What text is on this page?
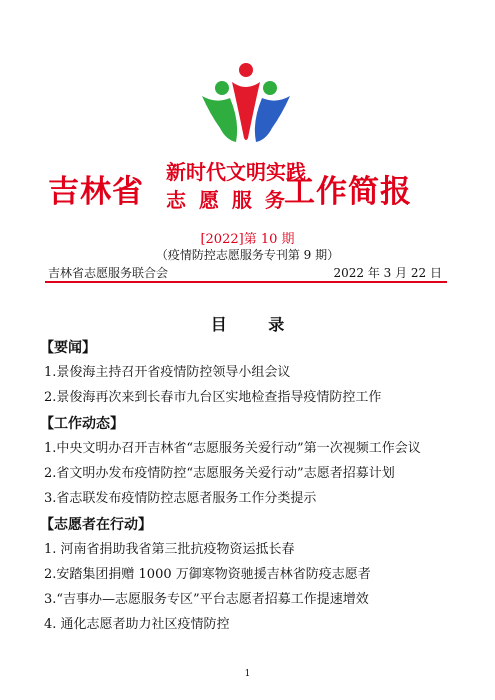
吉林省
新时代文明实践
志 愿 服 务
工作简报
[2022]第 10 期
（疫情防控志愿服务专刊第 9 期）
吉林省志愿服务联合会	2022 年 3 月 22 日
目 录
【要闻】
1.景俊海主持召开省疫情防控领导小组会议
2.景俊海再次来到长春市九台区实地检查指导疫情防控工作
【工作动态】
1.中央文明办召开吉林省“志愿服务关爱行动”第一次视频工作会议
2.省文明办发布疫情防控“志愿服务关爱行动”志愿者招募计划
3.省志联发布疫情防控志愿者服务工作分类提示
【志愿者在行动】
1. 河南省捐助我省第三批抗疫物资运抵长春
2.安踏集团捐赠 1000 万御寒物资驰援吉林省防疫志愿者
3.“吉事办—志愿服务专区”平台志愿者招募工作提速增效
4. 通化志愿者助力社区疫情防控
1
